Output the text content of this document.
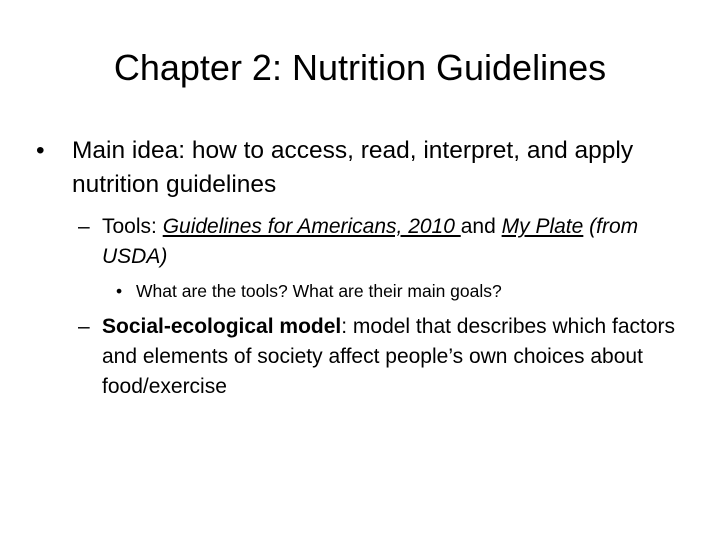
Chapter 2: Nutrition Guidelines
• Main idea: how to access, read, interpret, and apply nutrition guidelines
– Tools: Guidelines for Americans, 2010 and My Plate (from USDA)
• What are the tools? What are their main goals?
– Social-ecological model: model that describes which factors and elements of society affect people’s own choices about food/exercise
